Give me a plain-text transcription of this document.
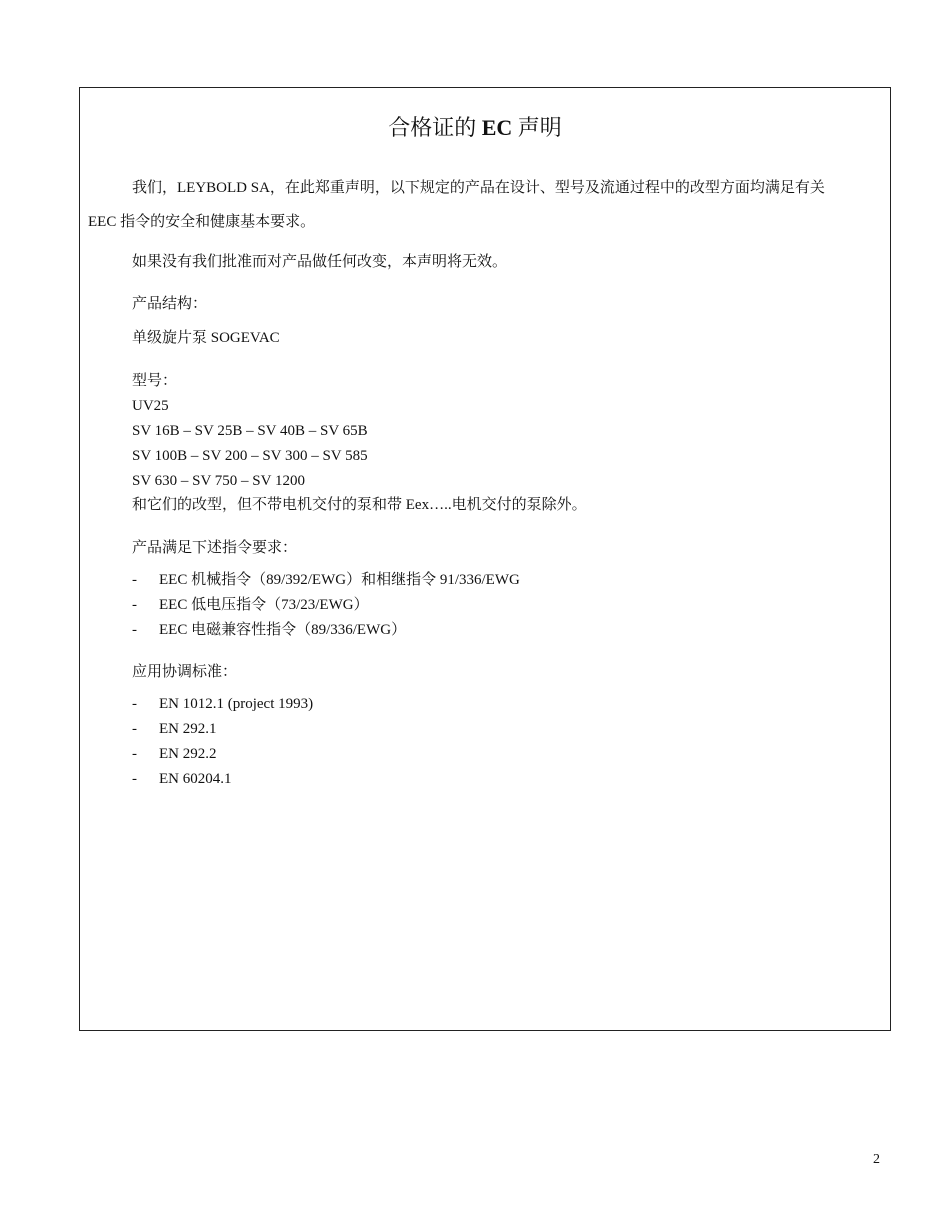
合格证的 EC 声明
我们，LEYBOLD SA，在此郑重声明，以下规定的产品在设计、型号及流通过程中的改型方面均满足有关
EEC 指令的安全和健康基本要求。
如果没有我们批准而对产品做任何改变，本声明将无效。
产品结构：
单级旋片泵 SOGEVAC
型号：
UV25
SV 16B – SV 25B – SV 40B – SV 65B
SV 100B – SV 200 – SV 300 – SV 585
SV 630 – SV 750 – SV 1200
和它们的改型，但不带电机交付的泵和带 Eex…..电机交付的泵除外。
产品满足下述指令要求：
- EEC 机械指令（89/392/EWG）和相继指令 91/336/EWG
- EEC 低电压指令（73/23/EWG）
- EEC 电磁兼容性指令（89/336/EWG）
应用协调标准：
- EN 1012.1 (project 1993)
- EN 292.1
- EN 292.2
- EN 60204.1
2
